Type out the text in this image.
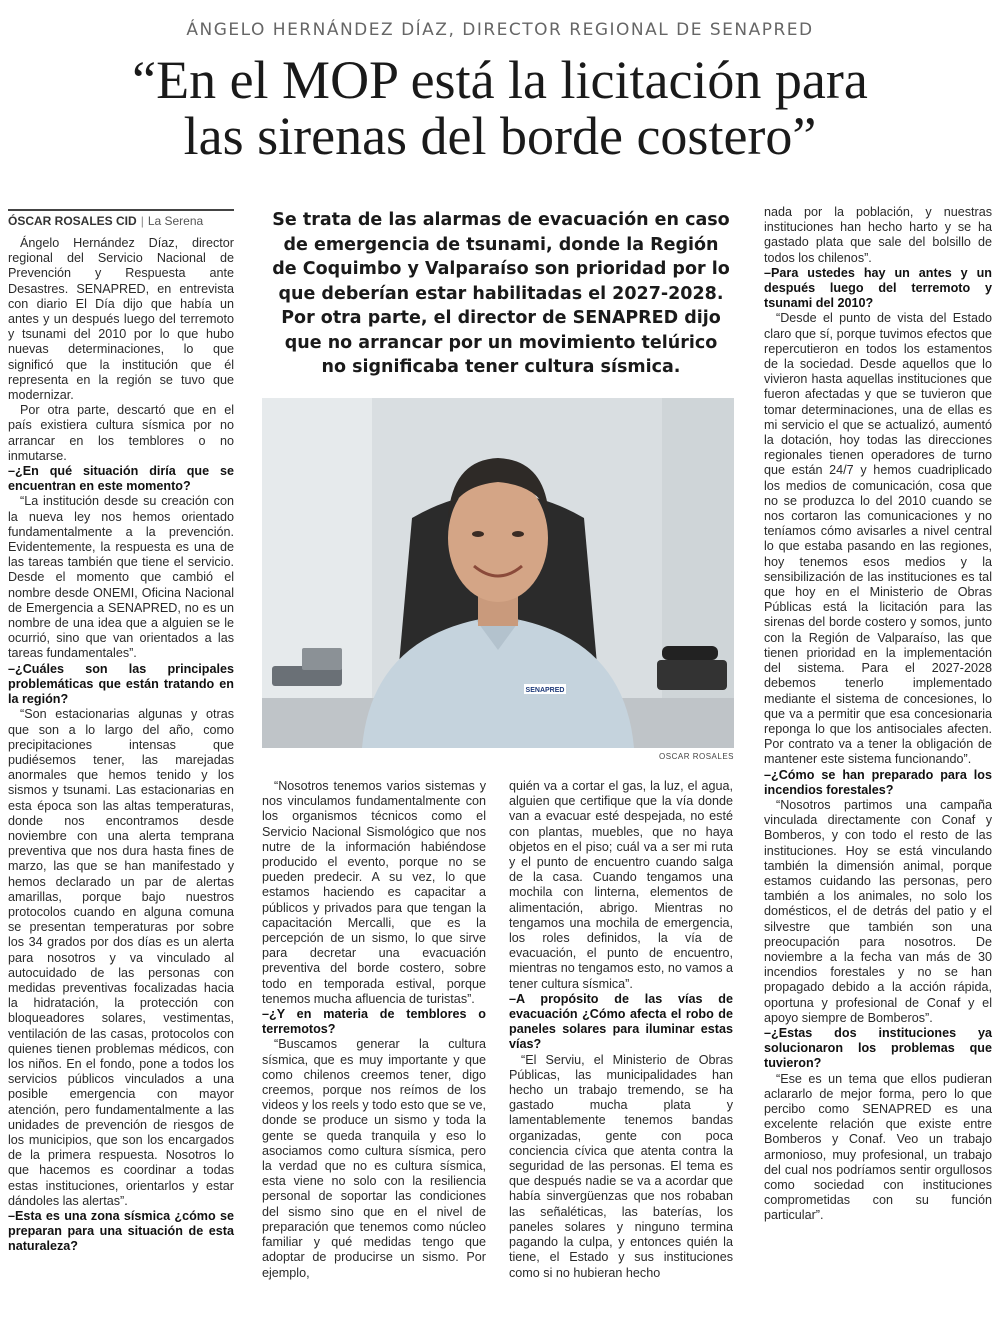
ÁNGELO HERNÁNDEZ DÍAZ, DIRECTOR REGIONAL DE SENAPRED
“En el MOP está la licitación para
las sirenas del borde costero”
ÓSCAR ROSALES CID | La Serena

Ángelo Hernández Díaz, director regional del Servicio Nacional de Prevención y Respuesta ante Desastres. SENAPRED, en entrevista con diario El Día dijo que había un antes y un después luego del terremoto y tsunami del 2010 por lo que hubo nuevas determinaciones, lo que significó que la institución que él representa en la región se tuvo que modernizar.

Por otra parte, descartó que en el país existiera cultura sísmica por no arrancar en los temblores o no inmutarse.

– ¿En qué situación diría que se encuentran en este momento?

“La institución desde su creación con la nueva ley nos hemos orientado fundamentalmente a la prevención. Evidentemente, la respuesta es una de las tareas también que tiene el servicio. Desde el momento que cambió el nombre desde ONEMI, Oficina Nacional de Emergencia a SENAPRED, no es un nombre de una idea que a alguien se le ocurrió, sino que van orientados a las tareas fundamentales”.

– ¿Cuáles son las principales problemáticas que están tratando en la región?

“Son estacionarias algunas y otras que son a lo largo del año, como precipitaciones intensas que pudiésemos tener, las marejadas anormales que hemos tenido y los sismos y tsunami. Las estacionarias en esta época son las altas temperaturas, donde nos encontramos desde noviembre con una alerta temprana preventiva que nos dura hasta fines de marzo, las que se han manifestado y hemos declarado un par de alertas amarillas, porque bajo nuestros protocolos cuando en alguna comuna se presentan temperaturas por sobre los 34 grados por dos días es un alerta para nosotros y va vinculado al autocuidado de las personas con medidas preventivas focalizadas hacia la hidratación, la protección con bloqueadores solares, vestimentas, ventilación de las casas, protocolos con quienes tienen problemas médicos, con los niños. En el fondo, pone a todos los servicios públicos vinculados a una posible emergencia con mayor atención, pero fundamentalmente a las unidades de prevención de riesgos de los municipios, que son los encargados de la primera respuesta. Nosotros lo que hacemos es coordinar a todas estas instituciones, orientarlos y estar dándoles las alertas”.

– Esta es una zona sísmica ¿cómo se preparan para una situación de esta naturaleza?

Se trata de las alarmas de evacuación en caso de emergencia de tsunami, donde la Región de Coquimbo y Valparaíso son prioridad por lo que deberían estar habilitadas el 2027-2028. Por otra parte, el director de SENAPRED dijo que no arrancar por un movimiento telúrico no significaba tener cultura sísmica.
SENAPRED
OSCAR ROSALES

“Nosotros tenemos varios sistemas y nos vinculamos fundamentalmente con los organismos técnicos como el Servicio Nacional Sismológico que nos nutre de la información habiéndose producido el evento, porque no se pueden predecir. A su vez, lo que estamos haciendo es capacitar a públicos y privados para que tengan la capacitación Mercalli, que es la percepción de un sismo, lo que sirve para decretar una evacuación preventiva del borde costero, sobre todo en temporada estival, porque tenemos mucha afluencia de turistas”.

– ¿Y en materia de temblores o terremotos?

“Buscamos generar la cultura sísmica, que es muy importante y que como chilenos creemos tener, digo creemos, porque nos reímos de los videos y los reels y todo esto que se ve, donde se produce un sismo y toda la gente se queda tranquila y eso lo asociamos como cultura sísmica, pero la verdad que no es cultura sísmica, esta viene no solo con la resiliencia personal de soportar las condiciones del sismo sino que en el nivel de preparación que tenemos como núcleo familiar y qué medidas tengo que adoptar de producirse un sismo. Por ejemplo,

quién va a cortar el gas, la luz, el agua, alguien que certifique que la vía donde van a evacuar esté despejada, no esté con plantas, muebles, que no haya objetos en el piso; cuál va a ser mi ruta y el punto de encuentro cuando salga de la casa. Cuando tengamos una mochila con linterna, elementos de alimentación, abrigo. Mientras no tengamos una mochila de emergencia, los roles definidos, la vía de evacuación, el punto de encuentro, mientras no tengamos esto, no vamos a tener cultura sísmica”.

– A propósito de las vías de evacuación ¿Cómo afecta el robo de paneles solares para iluminar estas vías?

“El Serviu, el Ministerio de Obras Públicas, las municipalidades han hecho un trabajo tremendo, se ha gastado mucha plata y lamentablemente tenemos bandas organizadas, gente con poca conciencia cívica que atenta contra la seguridad de las personas. El tema es que después nadie se va a acordar que había sinvergüenzas que nos robaban las señaléticas, las baterías, los paneles solares y ninguno termina pagando la culpa, y entonces quién la tiene, el Estado y sus instituciones como si no hubieran hecho

nada por la población, y nuestras instituciones han hecho harto y se ha gastado plata que sale del bolsillo de todos los chilenos”.

– Para ustedes hay un antes y un después luego del terremoto y tsunami del 2010?

“Desde el punto de vista del Estado claro que sí, porque tuvimos efectos que repercutieron en todos los estamentos de la sociedad. Desde aquellos que lo vivieron hasta aquellas instituciones que fueron afectadas y que se tuvieron que tomar determinaciones, una de ellas es mi servicio el que se actualizó, aumentó la dotación, hoy todas las direcciones regionales tienen operadores de turno que están 24/7 y hemos cuadriplicado los medios de comunicación, cosa que no se produzca lo del 2010 cuando se nos cortaron las comunicaciones y no teníamos cómo avisarles a nivel central lo que estaba pasando en las regiones, hoy tenemos esos medios y la sensibilización de las instituciones es tal que hoy en el Ministerio de Obras Públicas está la licitación para las sirenas del borde costero y somos, junto con la Región de Valparaíso, las que tienen prioridad en la implementación del sistema. Para el 2027-2028 debemos tenerlo implementado mediante el sistema de concesiones, lo que va a permitir que esa concesionaria reponga lo que los antisociales afecten. Por contrato va a tener la obligación de mantener este sistema funcionando”.

– ¿Cómo se han preparado para los incendios forestales?

“Nosotros partimos una campaña vinculada directamente con Conaf y Bomberos, y con todo el resto de las instituciones. Hoy se está vinculando también la dimensión animal, porque estamos cuidando las personas, pero también a los animales, no solo los domésticos, el de detrás del patio y el silvestre que también son una preocupación para nosotros. De noviembre a la fecha van más de 30 incendios forestales y no se han propagado debido a la acción rápida, oportuna y profesional de Conaf y el apoyo siempre de Bomberos”.

– ¿Estas dos instituciones ya solucionaron los problemas que tuvieron?

“Ese es un tema que ellos pudieran aclararlo de mejor forma, pero lo que percibo como SENAPRED es una excelente relación que existe entre Bomberos y Conaf. Veo un trabajo armonioso, muy profesional, un trabajo del cual nos podríamos sentir orgullosos como sociedad con instituciones comprometidas con su función particular”.
